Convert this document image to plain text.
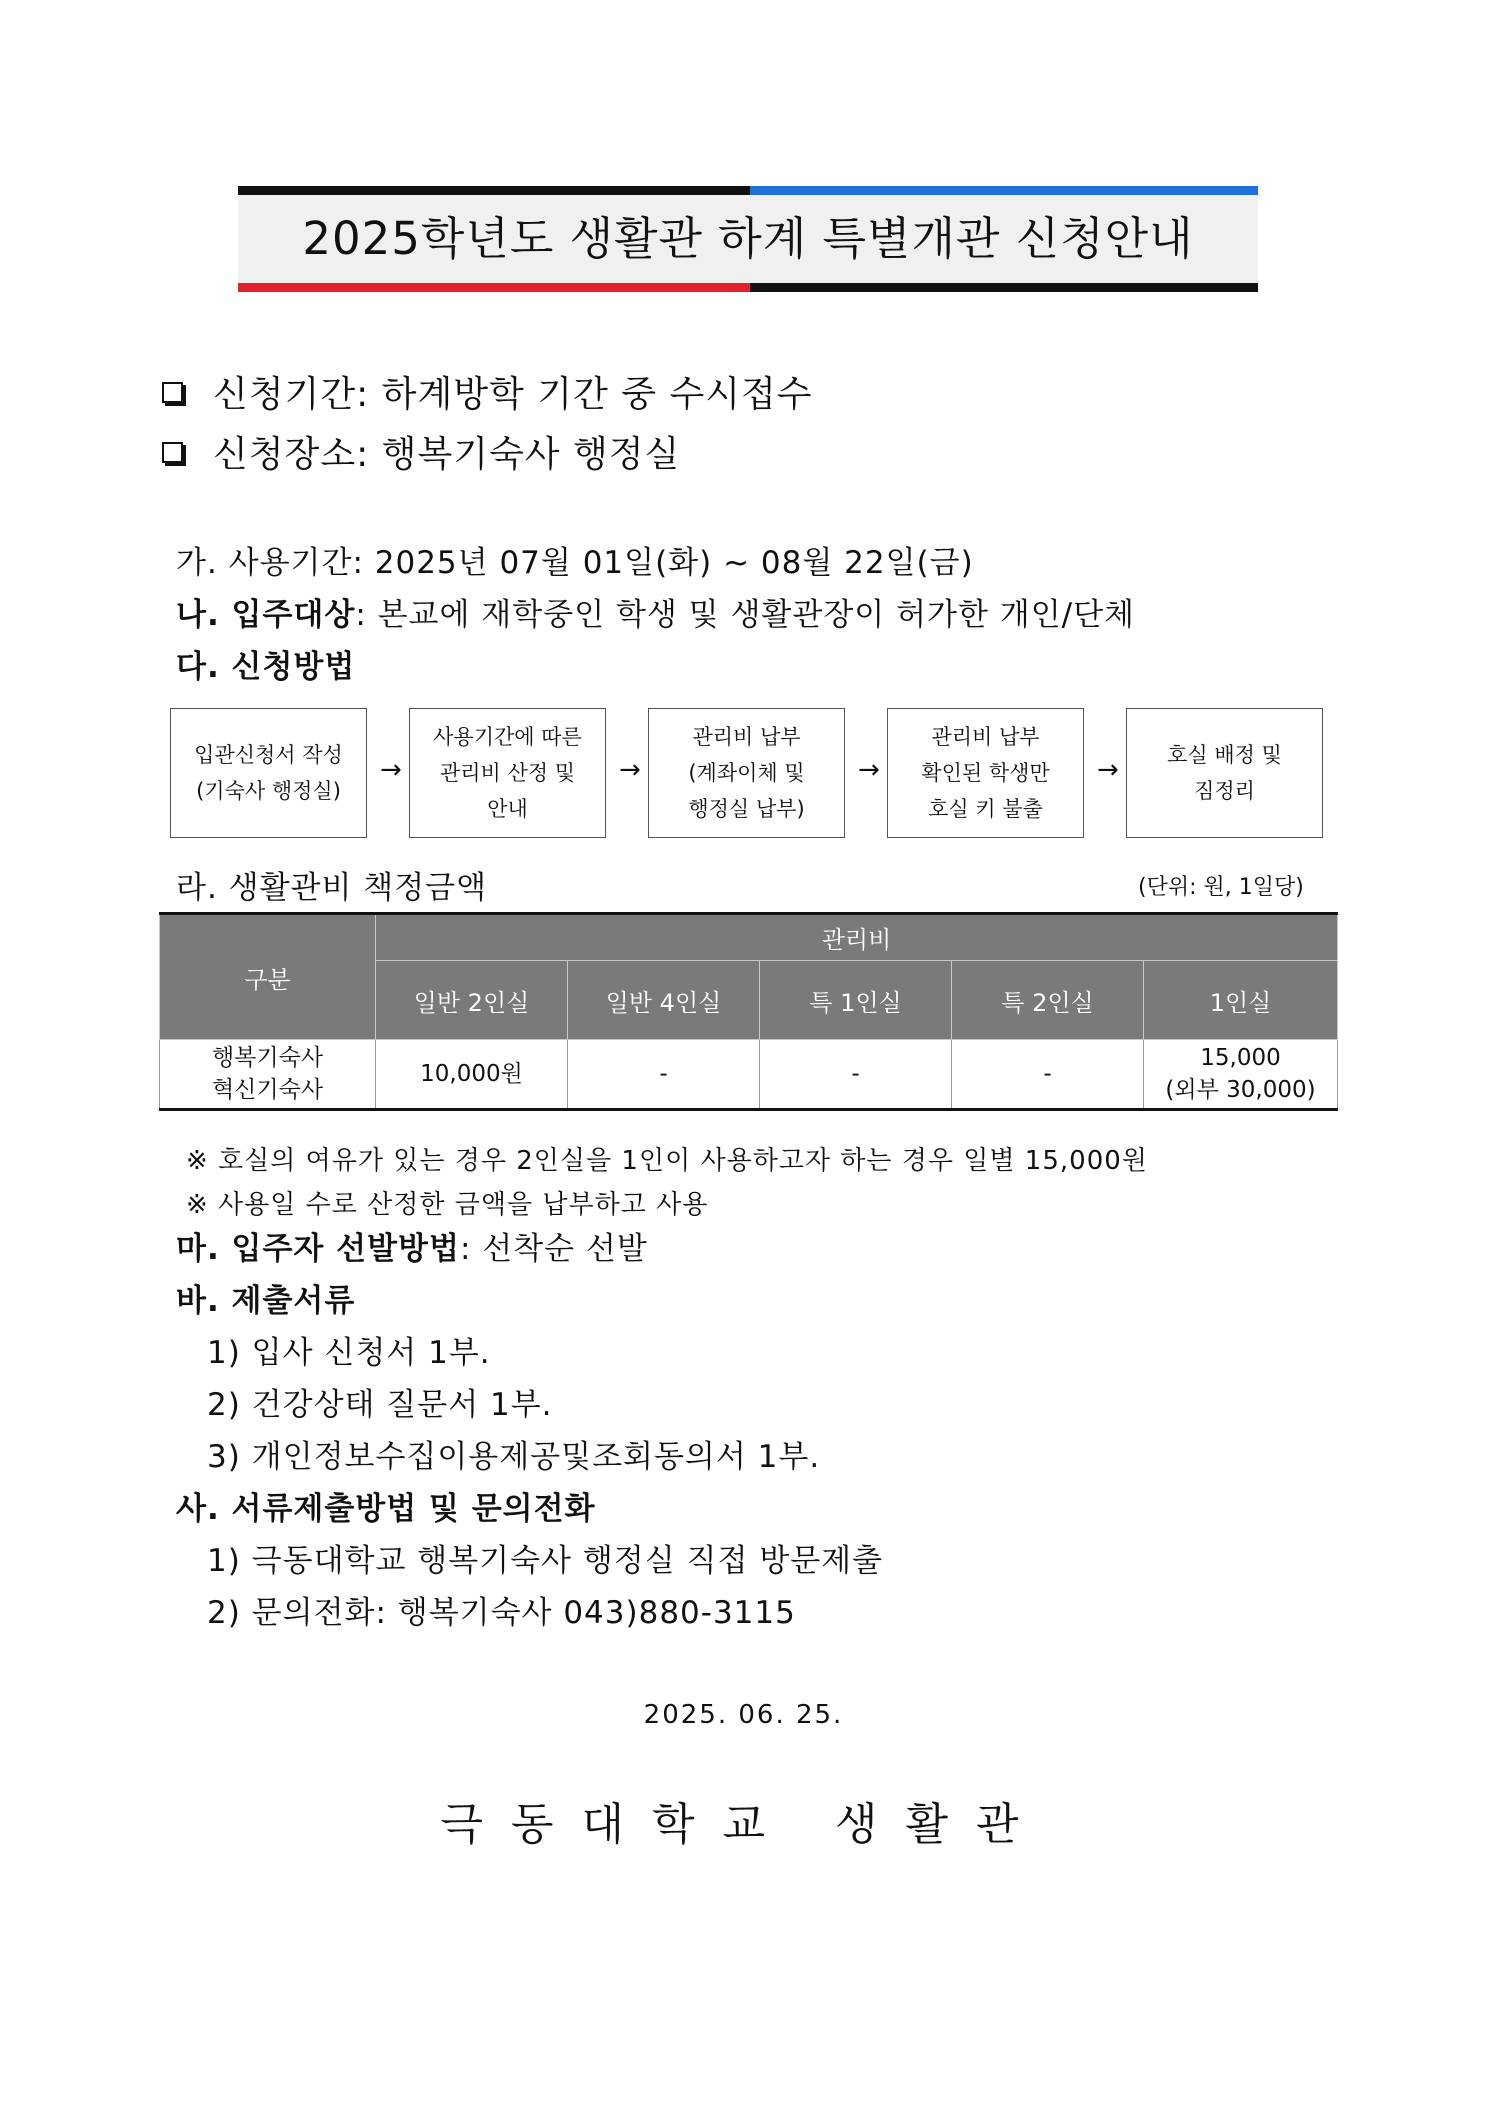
2025학년도 생활관 하계 특별개관 신청안내
신청기간: 하계방학 기간 중 수시접수
신청장소: 행복기숙사 행정실
가. 사용기간: 2025년 07월 01일(화) ~ 08월 22일(금)
나. 입주대상: 본교에 재학중인 학생 및 생활관장이 허가한 개인/단체
다. 신청방법
입관신청서 작성
(기숙사 행정실)
→
사용기간에 따른
관리비 산정 및
안내
→
관리비 납부
(계좌이체 및
행정실 납부)
→
관리비 납부
확인된 학생만
호실 키 불출
→	호실 배정 및
짐정리
라. 생활관비 책정금액	(단위: 원, 1일당)
구분	관리비				
	일반 2인실	일반 4인실	특 1인실	특 2인실	1인실
행복기숙사
혁신기숙사	10,000원	-	-	-	15,000
(외부 30,000)
※ 호실의 여유가 있는 경우 2인실을 1인이 사용하고자 하는 경우 일별 15,000원
※ 사용일 수로 산정한 금액을 납부하고 사용
마. 입주자 선발방법: 선착순 선발
바. 제출서류
1) 입사 신청서 1부.
2) 건강상태 질문서 1부.
3) 개인정보수집이용제공및조회동의서 1부.
사. 서류제출방법 및 문의전화
1) 극동대학교 행복기숙사 행정실 직접 방문제출
2) 문의전화: 행복기숙사 043)880-3115
2025. 06. 25.
극동대학교 생활관
